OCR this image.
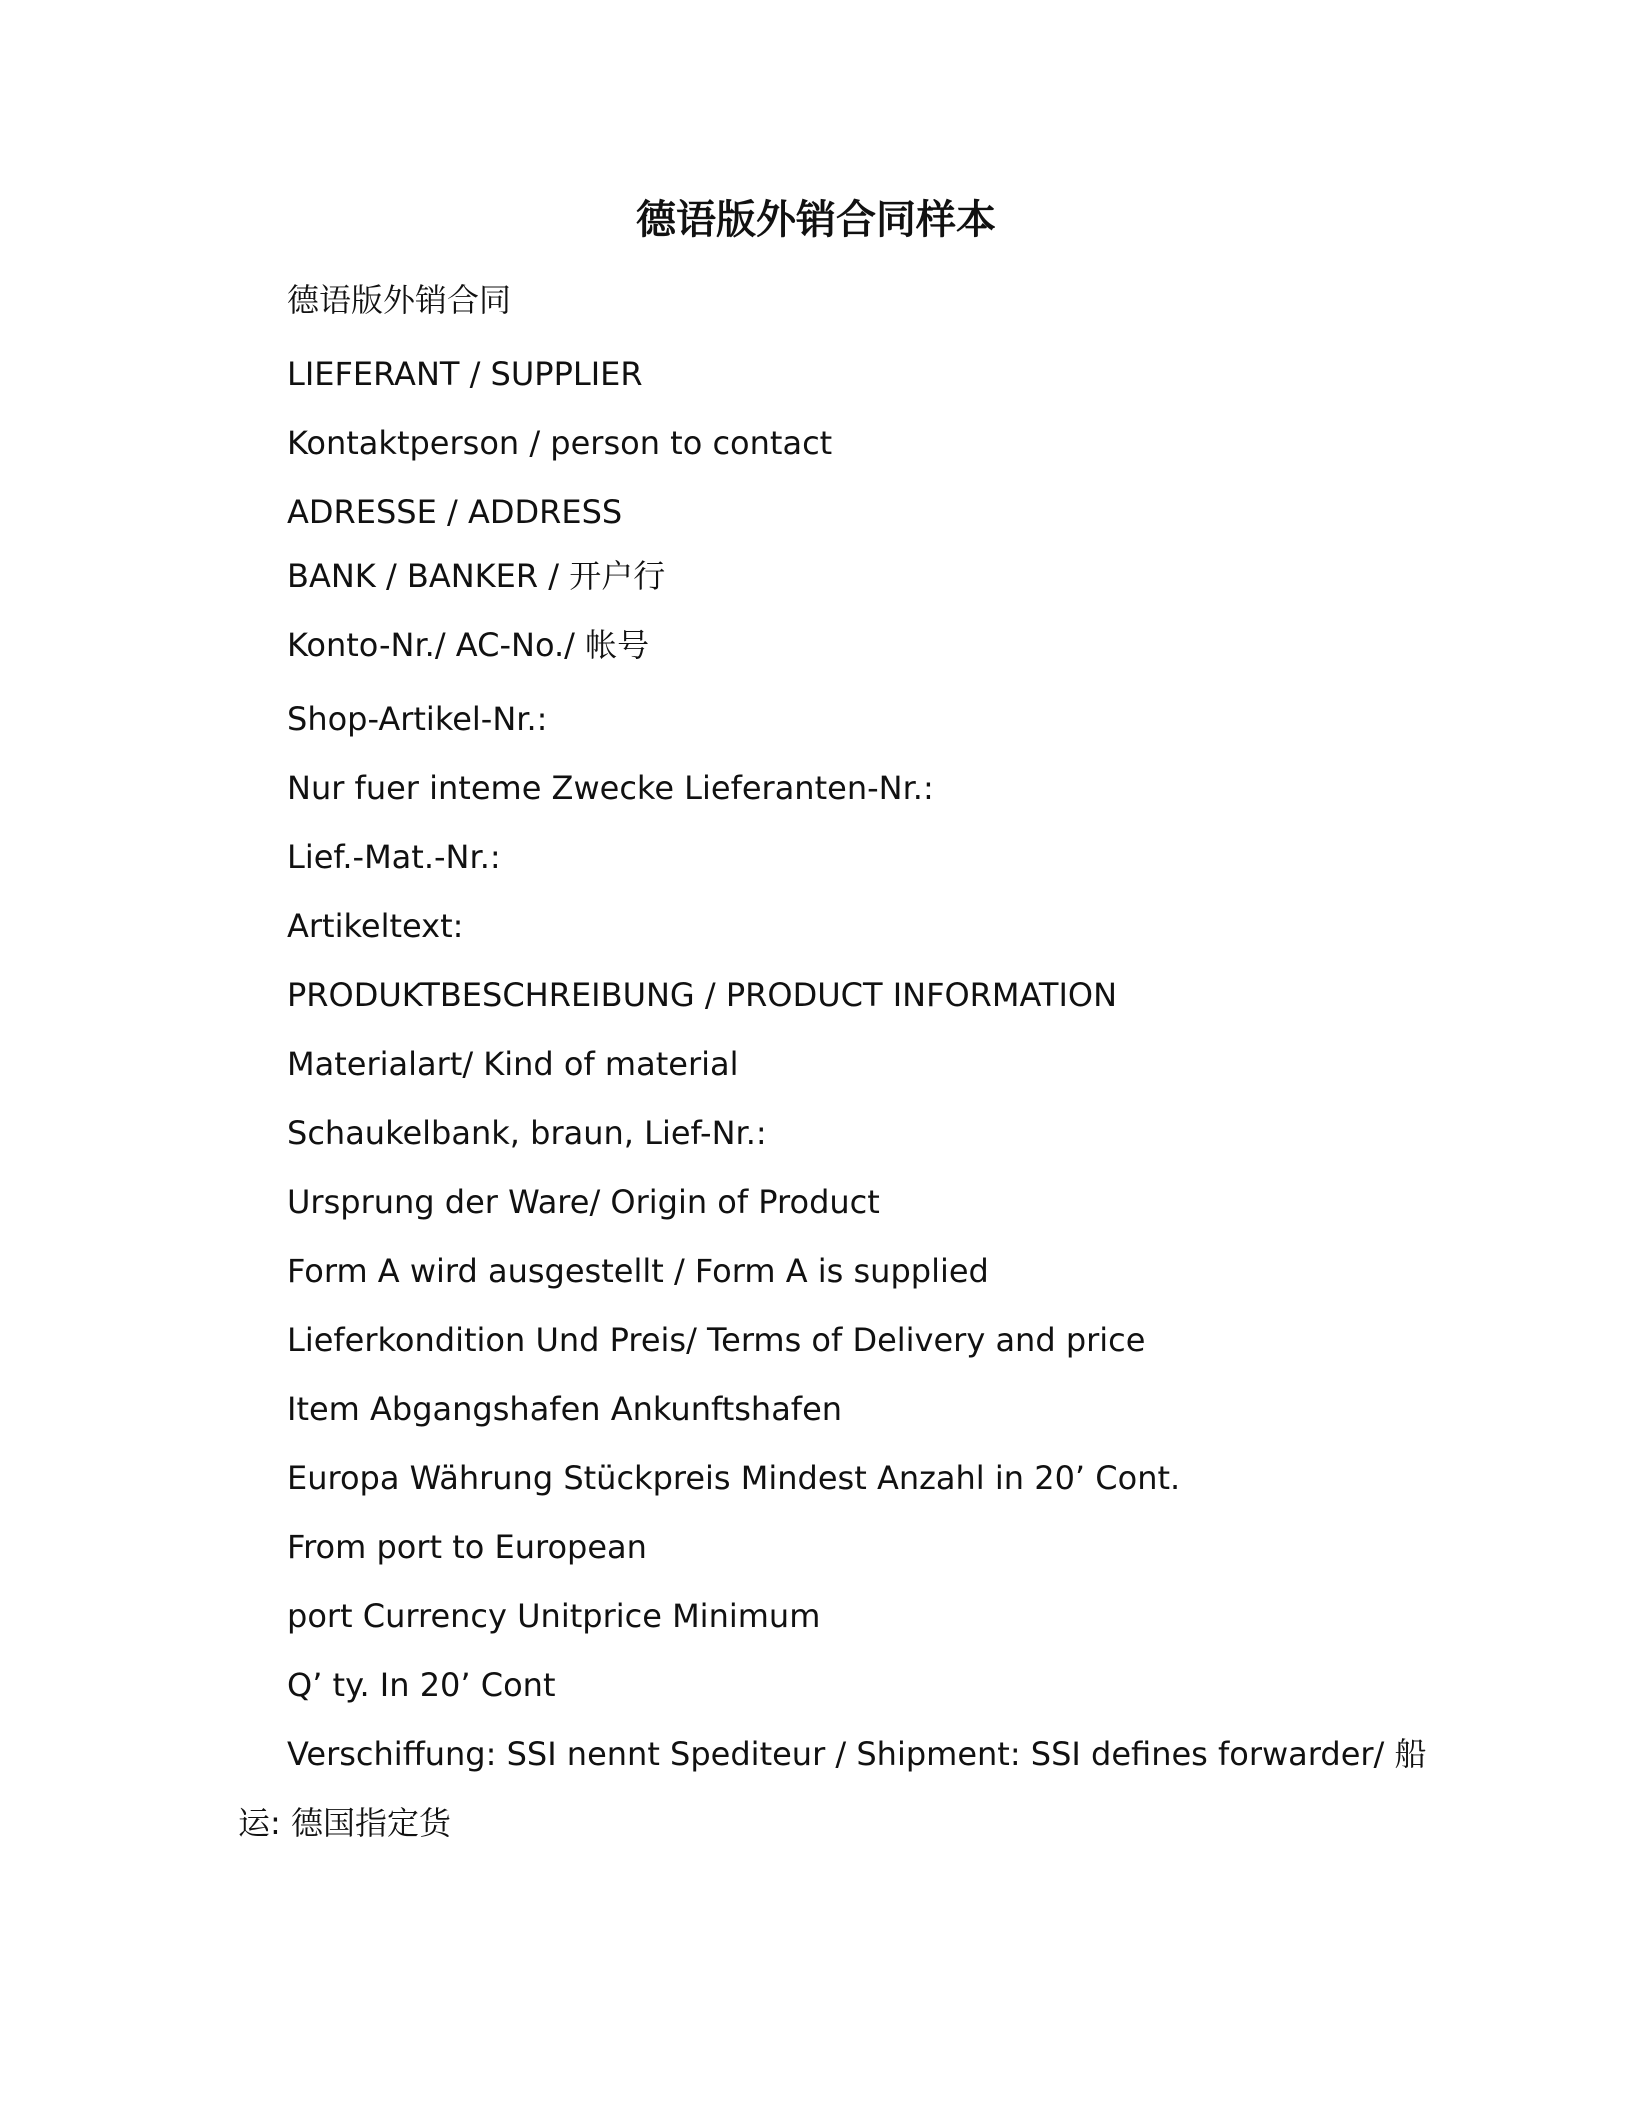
德语版外销合同样本
德语版外销合同
LIEFERANT / SUPPLIER
Kontaktperson / person to contact
ADRESSE / ADDRESS
BANK / BANKER / 开户行
Konto-Nr./ AC-No./ 帐号
Shop-Artikel-Nr.:
Nur fuer inteme Zwecke Lieferanten-Nr.:
Lief.-Mat.-Nr.:
Artikeltext:
PRODUKTBESCHREIBUNG / PRODUCT INFORMATION
Materialart/ Kind of material
Schaukelbank, braun, Lief-Nr.:
Ursprung der Ware/ Origin of Product
Form A wird ausgestellt / Form A is supplied
Lieferkondition Und Preis/ Terms of Delivery and price
Item Abgangshafen Ankunftshafen
Europa Währung Stückpreis Mindest Anzahl in 20’ Cont.
From port to European
port Currency Unitprice Minimum
Q’ ty. In 20’ Cont
Verschiffung: SSI nennt Spediteur / Shipment: SSI defines forwarder/ 船
运: 德国指定货
